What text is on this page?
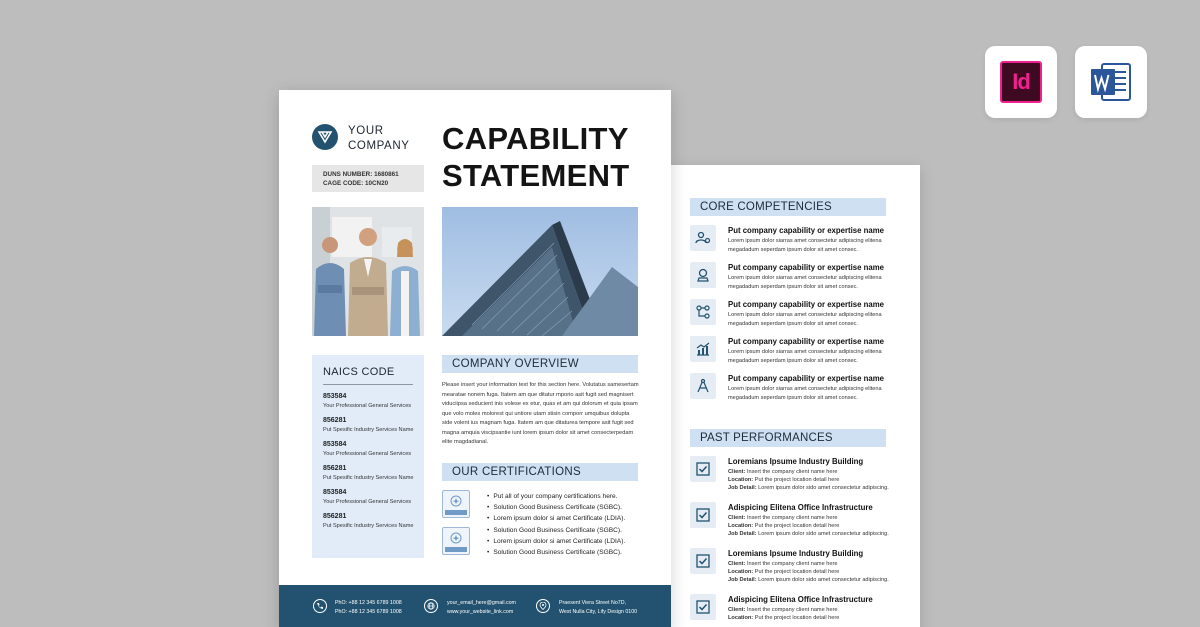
Id
CORE COMPETENCIES
Put company capability or expertise name
Lorem ipsum dolor siarras amet consectetur adipiscing elitena megadadum seperdam ipsum dolor sit amet consec.
Put company capability or expertise name
Lorem ipsum dolor siarras amet consectetur adipiscing elitena megadadum seperdam ipsum dolor sit amet consec.
Put company capability or expertise name
Lorem ipsum dolor siarras amet consectetur adipiscing elitena megadadum seperdam ipsum dolor sit amet consec.
Put company capability or expertise name
Lorem ipsum dolor siarras amet consectetur adipiscing elitena megadadum seperdam ipsum dolor sit amet consec.
Put company capability or expertise name
Lorem ipsum dolor siarras amet consectetur adipiscing elitena megadadum seperdam ipsum dolor sit amet consec.
PAST PERFORMANCES
Loremians Ipsume Industry Building
Client: Insert the company client name here
Location: Put the project location detail here
Job Detail: Lorem ipsum dolor sido amet consectetur adipiscing.
Adispicing Elitena Office Infrastructure
Client: Insert the company client name here
Location: Put the project location detail here
Job Detail: Lorem ipsum dolor sido amet consectetur adipiscing.
Loremians Ipsume Industry Building
Client: Insert the company client name here
Location: Put the project location detail here
Job Detail: Lorem ipsum dolor sido amet consectetur adipiscing.
Adispicing Elitena Office Infrastructure
Client: Insert the company client name here
Location: Put the project location detail here
YOUR
COMPANY CAPABILITY
STATEMENT
DUNS NUMBER: 1680861
CAGE CODE: 10CN20
NAICS CODE
853584
Your Professional General Services
856281
Put Spesific Industry Services Name
853584
Your Professional General Services
856281
Put Spesific Industry Services Name
853584
Your Professional General Services
856281
Put Spesific Industry Services Name
COMPANY OVERVIEW
Please insert your information text for this section here. Volutatus samesertam mearatae nonem fuga. Itatem am que ditatur mporio asit fugit sed magnisert viduciipsa seducient inis volese ex etur, quas et am qui dolorum et quia ipsam que volo moles molorest qui untiore utam stisin comporr umquibus dolupta side volent ius magnam fuga. Itatem am que ditaturea tempore asit fugit sed magna amquia viscipsantie iunt lorem ipsum dolor sit amet consecterpedam elite magdadianal.
OUR CERTIFICATIONS
• Put all of your company certifications here.
• Solution Good Business Certificate (SGBC).
• Lorem ipsum dolor si amet Certificate (LDIA).
• Solution Good Business Certificate (SGBC).
• Lorem ipsum dolor si amet Certificate (LDIA).
• Solution Good Business Certificate (SGBC).
PhO: +88 12 345 6789 1008
PhO: +88 12 345 6789 1008
your_email_here@gmail.com
www.your_website_link.com
Praesent Viera Street No7D,
West Nulla City, Lify Design 0100
